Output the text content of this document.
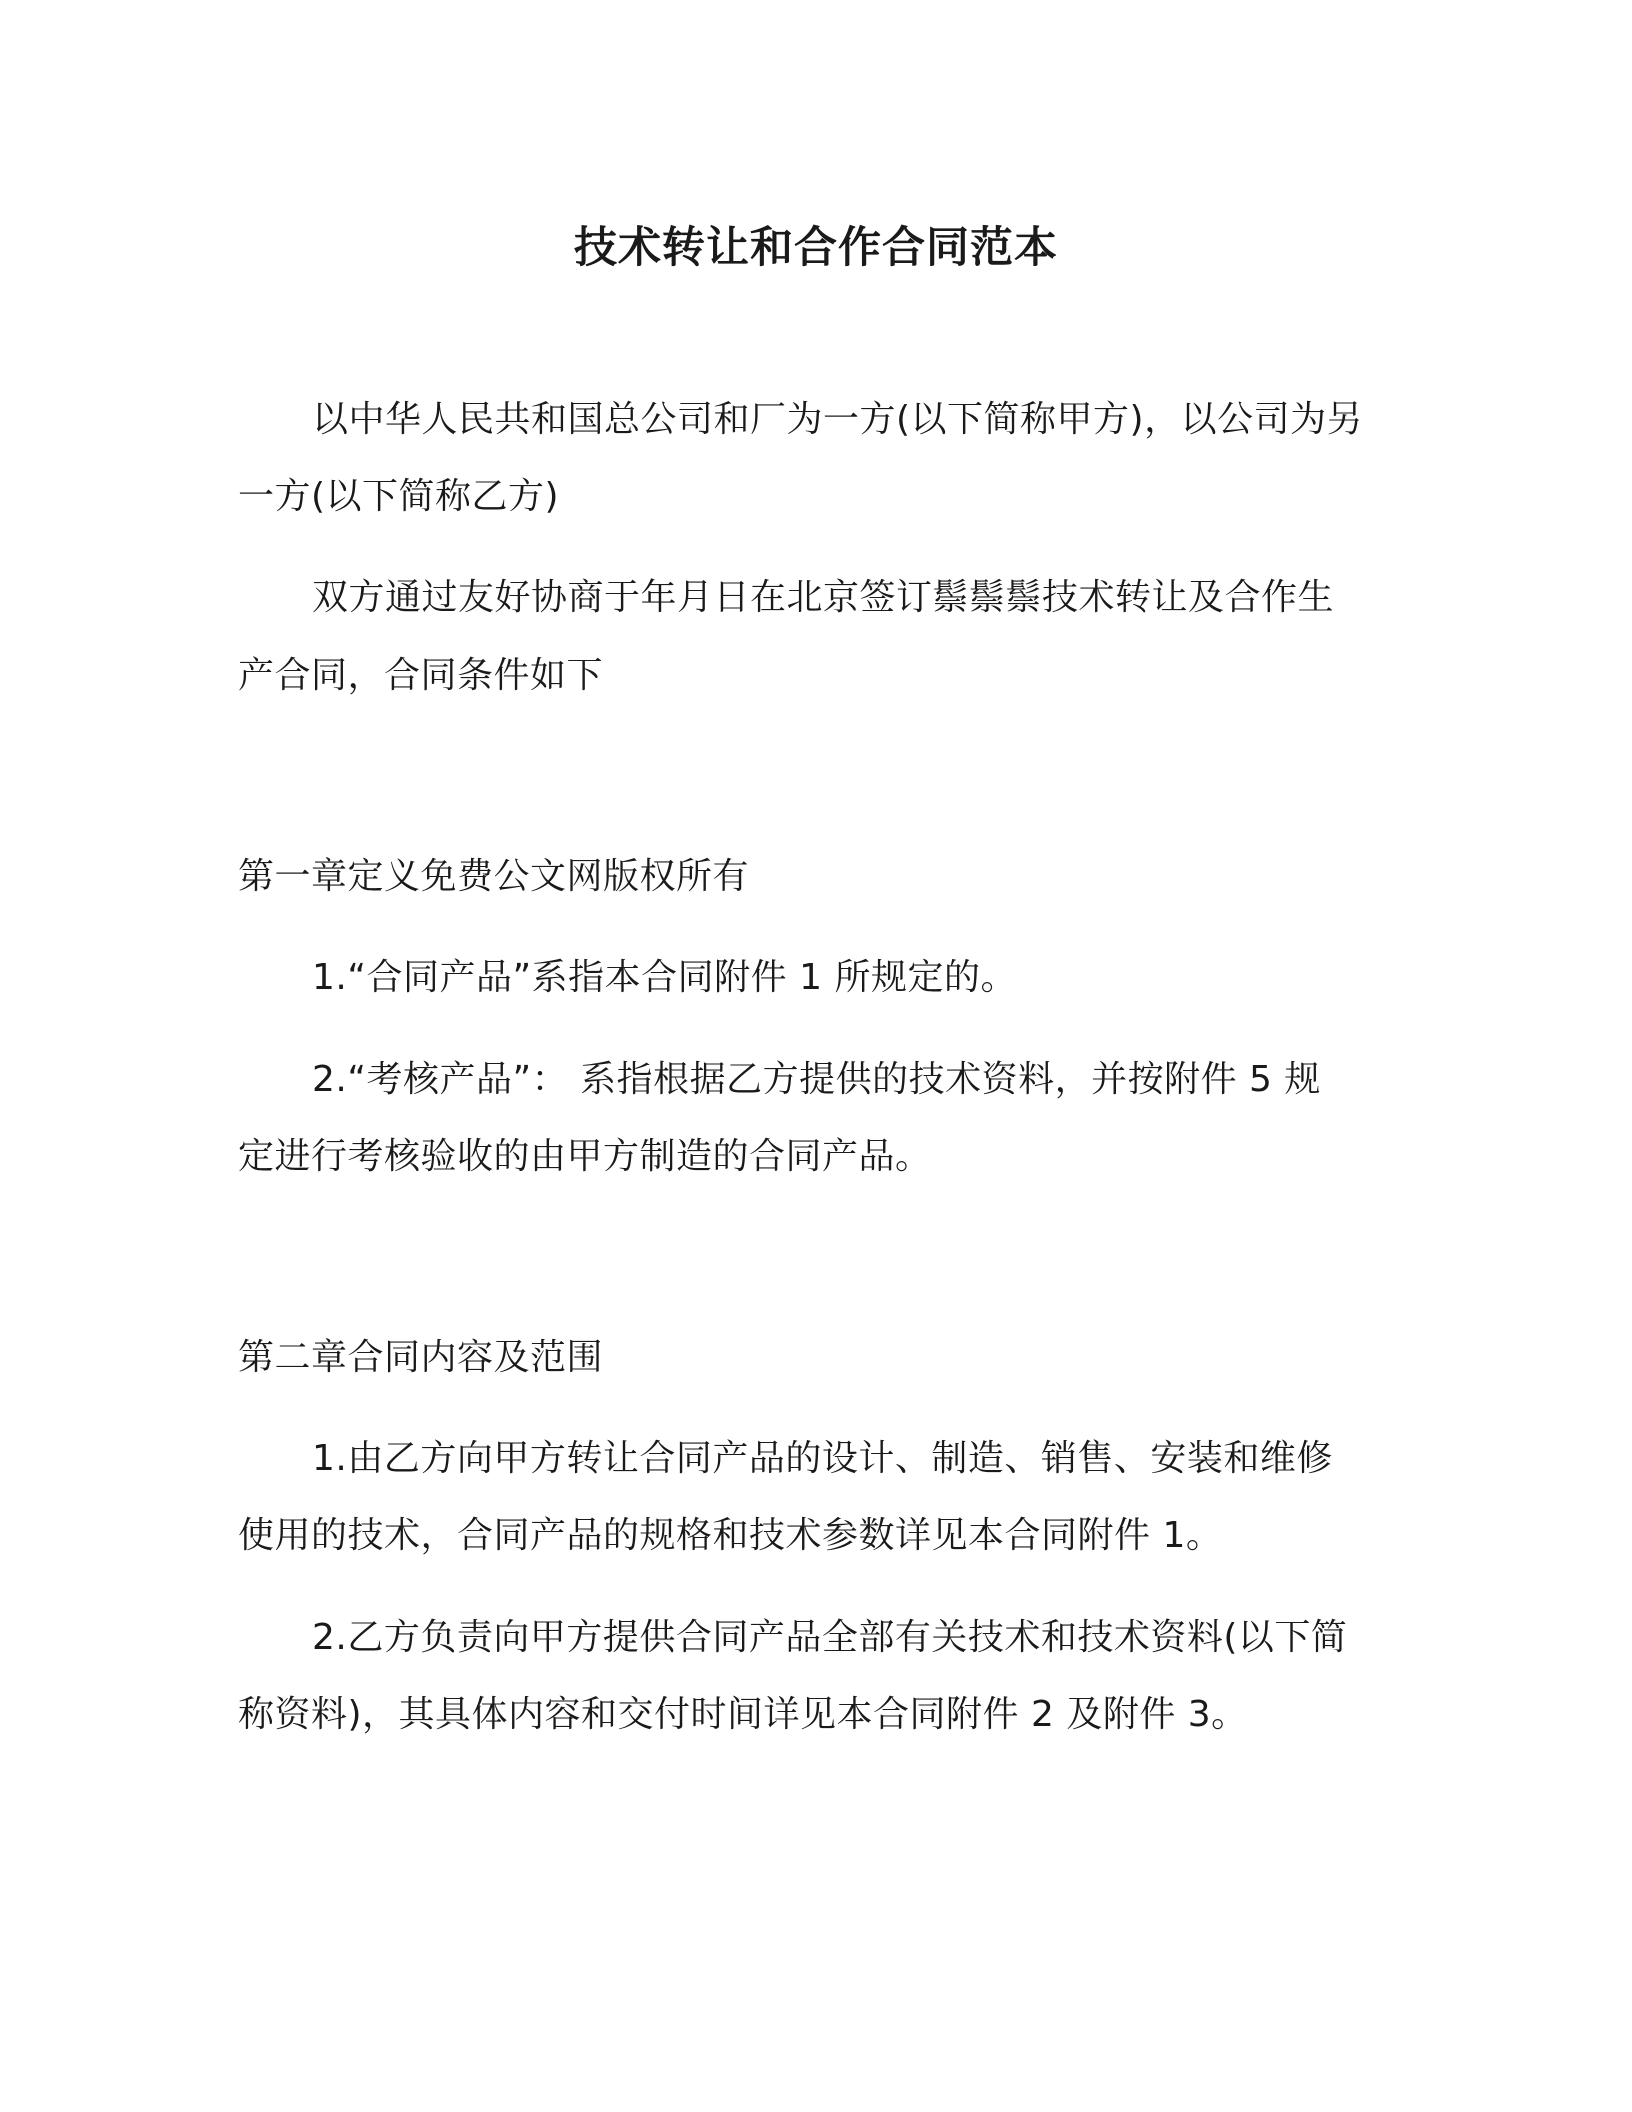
技术转让和合作合同范本
以中华人民共和国总公司和厂为一方(以下简称甲方)，以公司为另
一方(以下简称乙方)
双方通过友好协商于年月日在北京签订鬃鬃鬃技术转让及合作生
产合同，合同条件如下
第一章定义免费公文网版权所有
1.“合同产品”系指本合同附件 1 所规定的。
2.“考核产品”： 系指根据乙方提供的技术资料，并按附件 5 规
定进行考核验收的由甲方制造的合同产品。
第二章合同内容及范围
1.由乙方向甲方转让合同产品的设计、制造、销售、安装和维修
使用的技术，合同产品的规格和技术参数详见本合同附件 1。
2.乙方负责向甲方提供合同产品全部有关技术和技术资料(以下简
称资料)，其具体内容和交付时间详见本合同附件 2 及附件 3。
